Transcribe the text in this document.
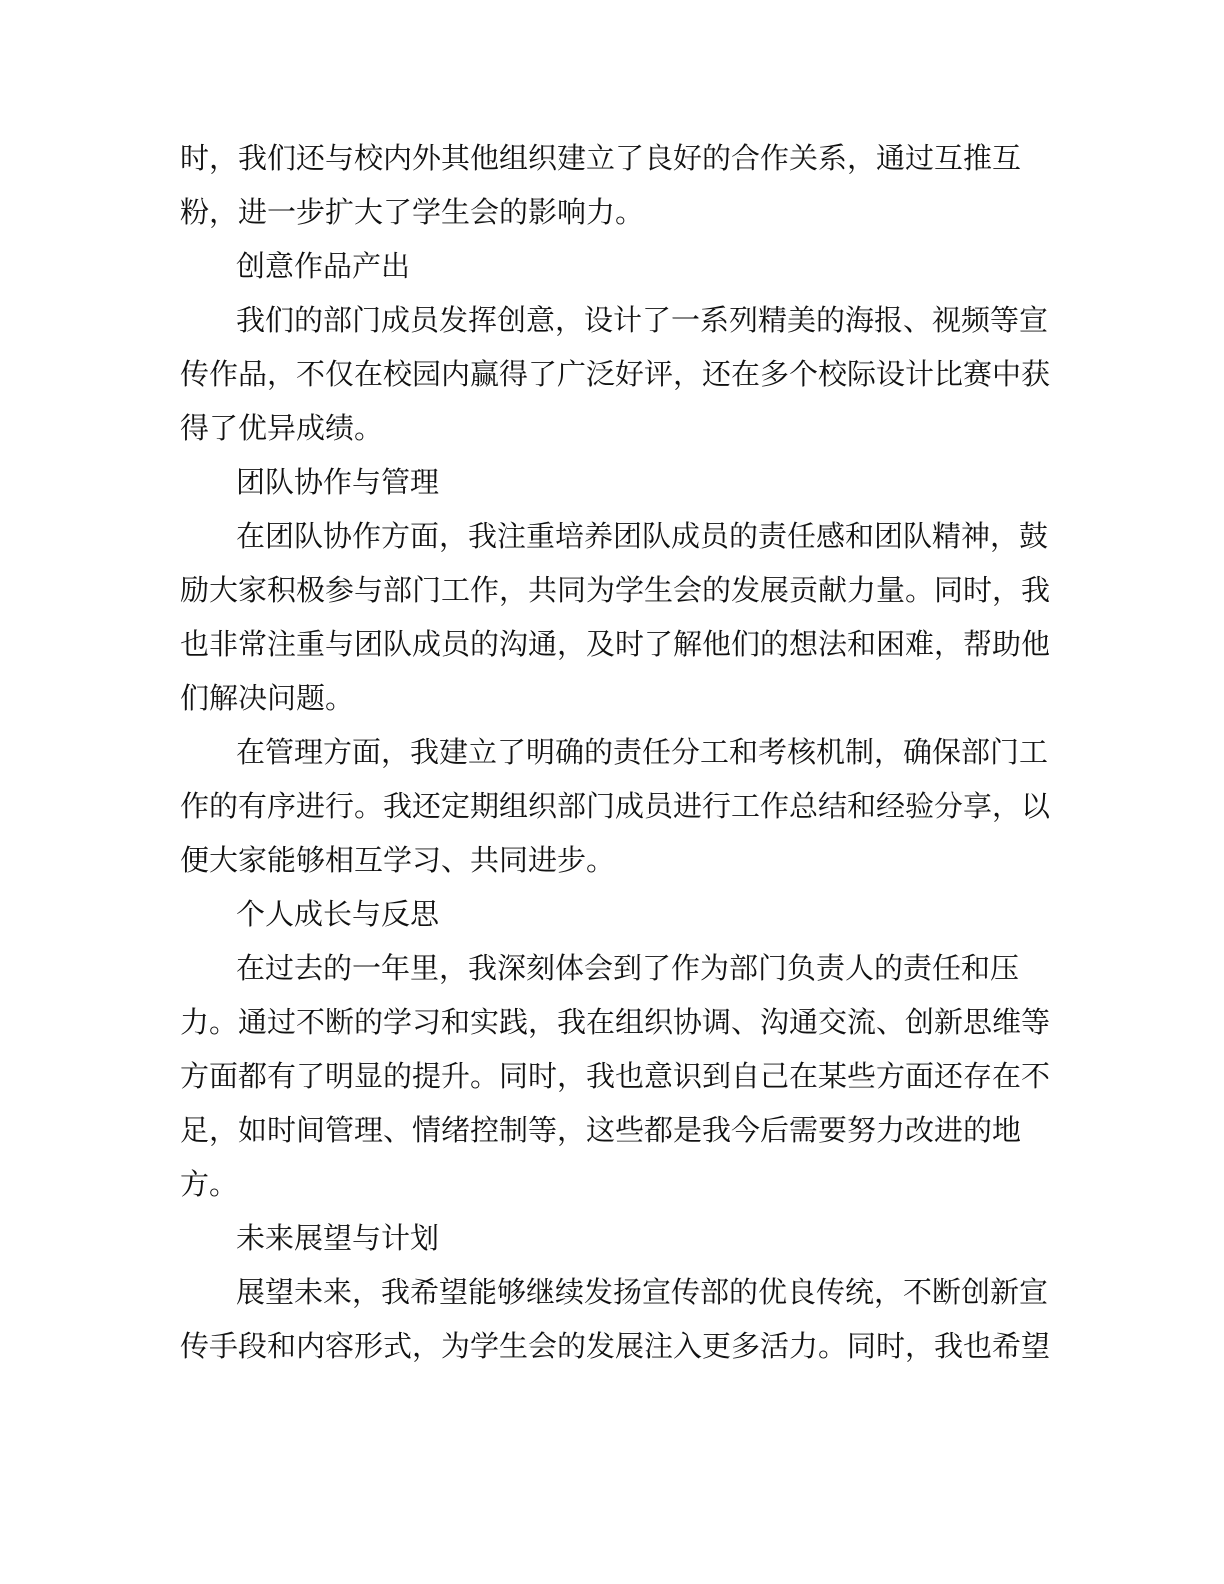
时，我们还与校内外其他组织建立了良好的合作关系，通过互推互
粉，进一步扩大了学生会的影响力。
创意作品产出
我们的部门成员发挥创意，设计了一系列精美的海报、视频等宣
传作品，不仅在校园内赢得了广泛好评，还在多个校际设计比赛中获
得了优异成绩。
团队协作与管理
在团队协作方面，我注重培养团队成员的责任感和团队精神，鼓
励大家积极参与部门工作，共同为学生会的发展贡献力量。同时，我
也非常注重与团队成员的沟通，及时了解他们的想法和困难，帮助他
们解决问题。
在管理方面，我建立了明确的责任分工和考核机制，确保部门工
作的有序进行。我还定期组织部门成员进行工作总结和经验分享，以
便大家能够相互学习、共同进步。
个人成长与反思
在过去的一年里，我深刻体会到了作为部门负责人的责任和压
力。通过不断的学习和实践，我在组织协调、沟通交流、创新思维等
方面都有了明显的提升。同时，我也意识到自己在某些方面还存在不
足，如时间管理、情绪控制等，这些都是我今后需要努力改进的地
方。
未来展望与计划
展望未来，我希望能够继续发扬宣传部的优良传统，不断创新宣
传手段和内容形式，为学生会的发展注入更多活力。同时，我也希望
